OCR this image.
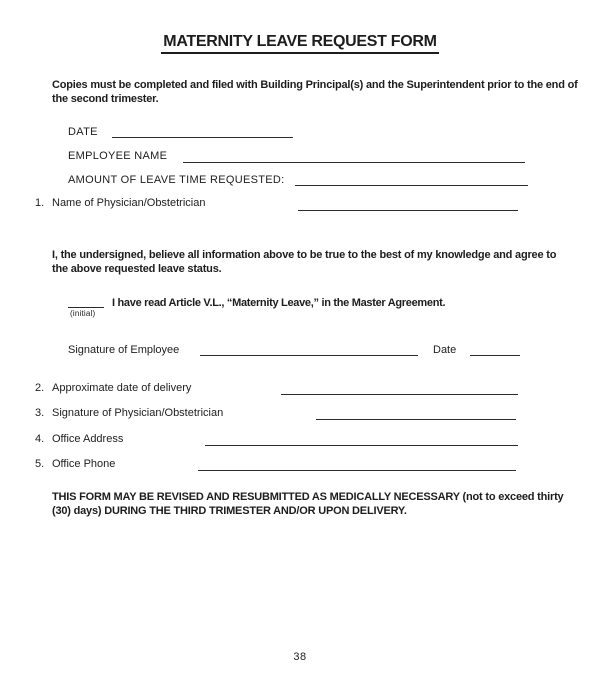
MATERNITY LEAVE REQUEST FORM
Copies must be completed and filed with Building Principal(s) and the Superintendent prior to the end of the second trimester.
DATE
EMPLOYEE NAME
AMOUNT OF LEAVE TIME REQUESTED:
1. Name of Physician/Obstetrician
I, the undersigned, believe all information above to be true to the best of my knowledge and agree to the above requested leave status.
(initial)
I have read Article V.L., “Maternity Leave,” in the Master Agreement.
Signature of Employee	Date
2. Approximate date of delivery
3. Signature of Physician/Obstetrician
4. Office Address
5. Office Phone
THIS FORM MAY BE REVISED AND RESUBMITTED AS MEDICALLY NECESSARY (not to exceed thirty (30) days) DURING THE THIRD TRIMESTER AND/OR UPON DELIVERY.
38
